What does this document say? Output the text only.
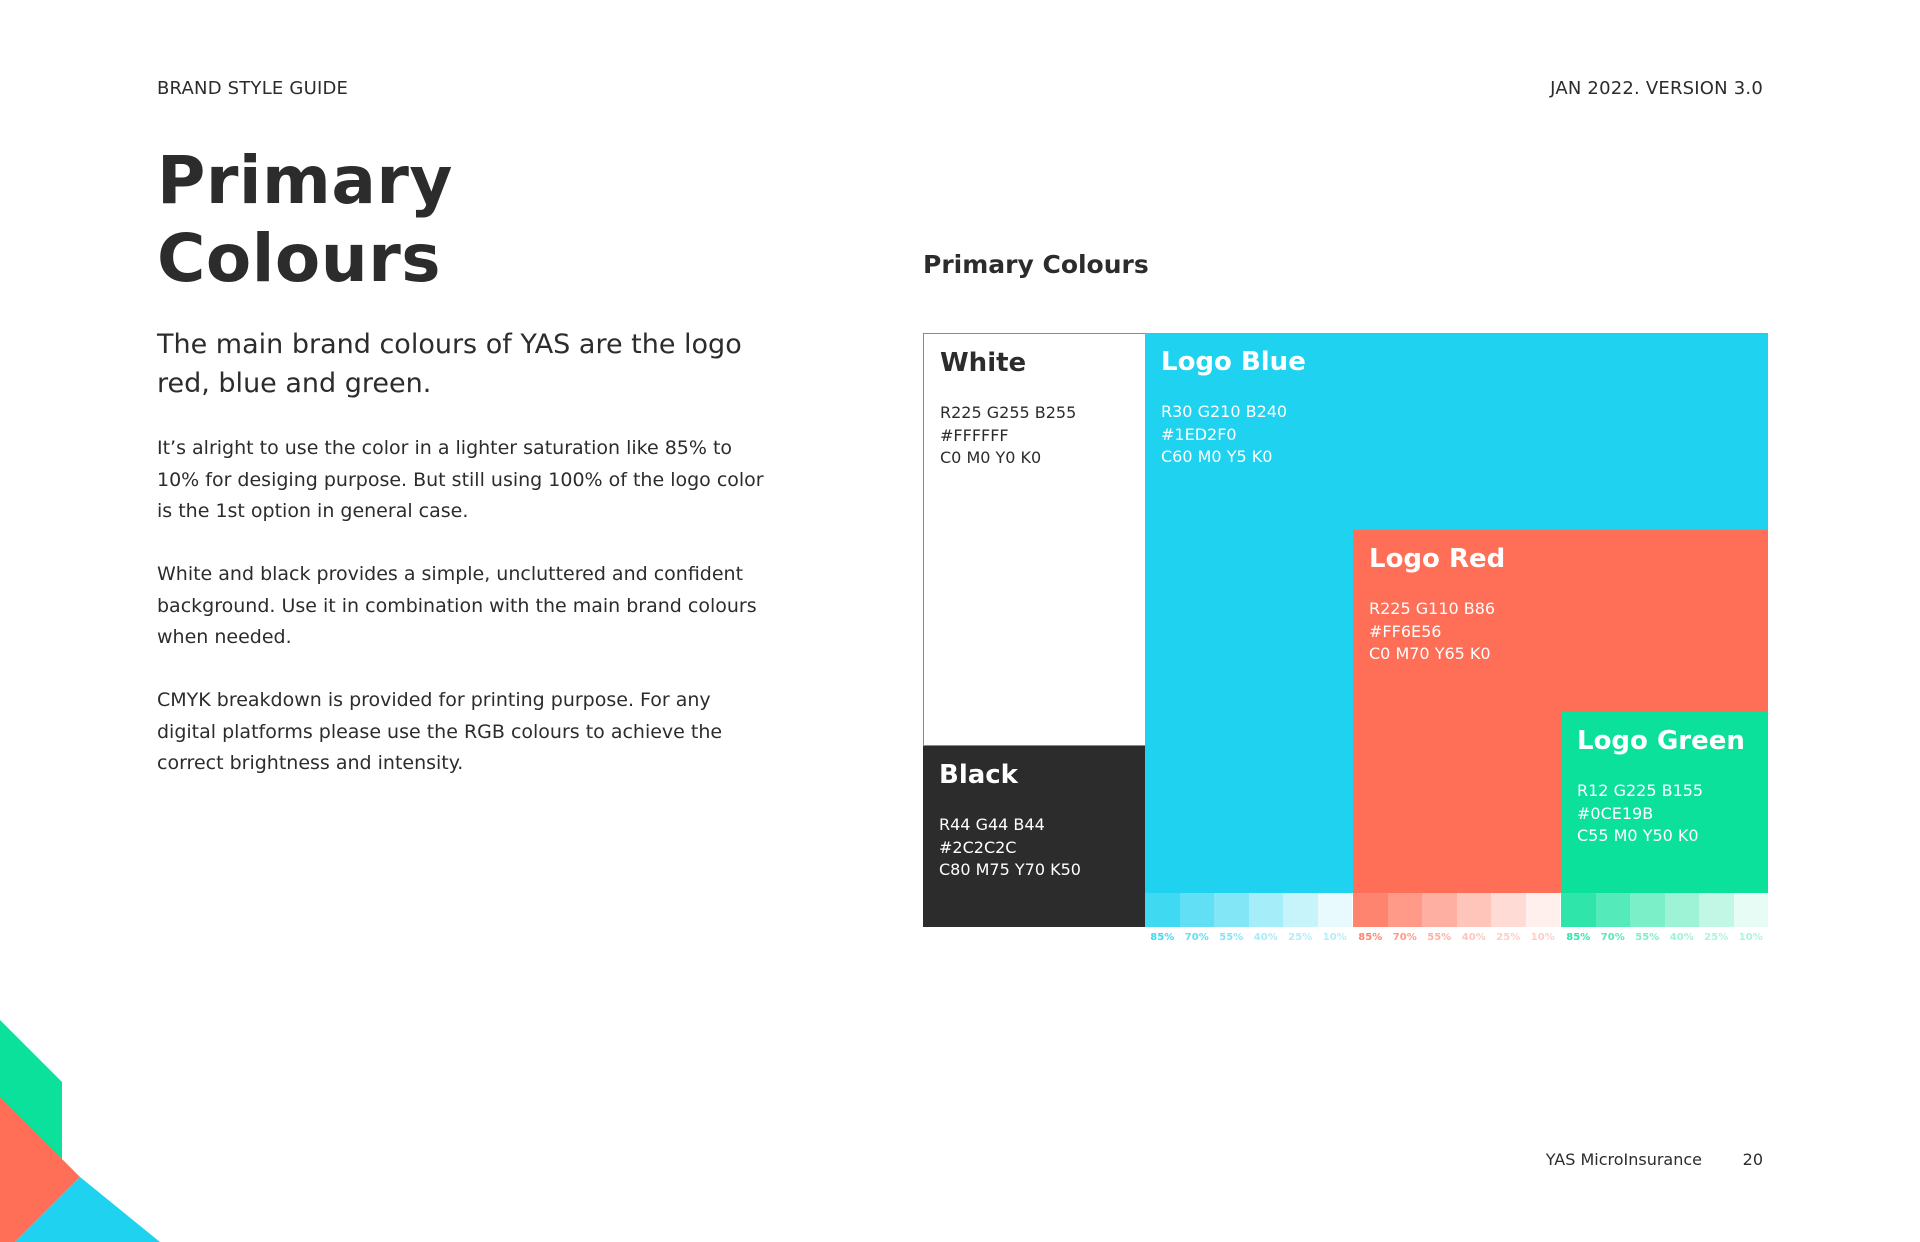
BRAND STYLE GUIDE	JAN 2022. VERSION 3.0
Primary
Colours
The main brand colours of YAS are the logo red, blue and green.
It’s alright to use the color in a lighter saturation like 85% to 10% for desiging purpose. But still using 100% of the logo color is the 1st option in general case.
White and black provides a simple, uncluttered and confident background. Use it in combination with the main brand colours when needed.
CMYK breakdown is provided for printing purpose. For any digital platforms please use the RGB colours to achieve the correct brightness and intensity.
Primary Colours
White
R225 G255 B255
#FFFFFF
C0 M0 Y0 K0
Black
R44 G44 B44
#2C2C2C
C80 M75 Y70 K50
Logo Blue
R30 G210 B240
#1ED2F0
C60 M0 Y5 K0
Logo Red
R225 G110 B86
#FF6E56
C0 M70 Y65 K0
Logo Green
R12 G225 B155
#0CE19B
C55 M0 Y50 K0
85%	70%	55%	40%	25%	10%	85%	70%	55%	40%	25%	10%	85%	70%	55%	40%	25%	10%
YAS MicroInsurance	20
